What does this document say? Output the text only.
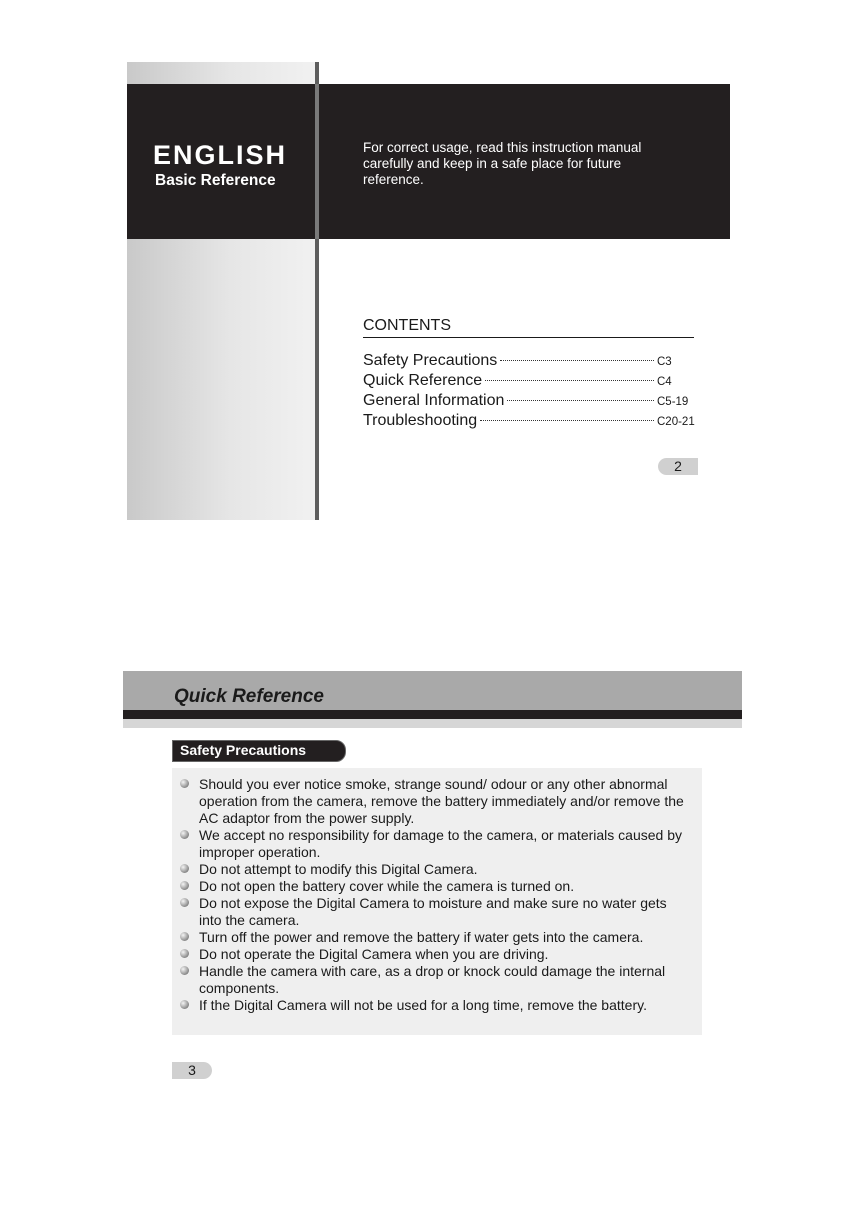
ENGLISH
Basic Reference
For correct usage, read this instruction manual carefully and keep in a safe place for future reference.
CONTENTS
Safety Precautions	C3
Quick Reference	C4
General Information	C5-19
Troubleshooting	C20-21
2
Quick Reference
Safety Precautions
Should you ever notice smoke, strange sound/ odour or any other abnormal operation from the camera, remove the battery immediately and/or remove the AC adaptor from the power supply.
We accept no responsibility for damage to the camera, or materials caused by improper operation.
Do not attempt to modify this Digital Camera.
Do not open the battery cover while the camera is turned on.
Do not expose the Digital Camera to moisture and make sure no water gets into the camera.
Turn off the power and remove the battery if water gets into the camera.
Do not operate the Digital Camera when you are driving.
Handle the camera with care, as a drop or knock could damage the internal components.
If the Digital Camera will not be used for a long time, remove the battery.
3
